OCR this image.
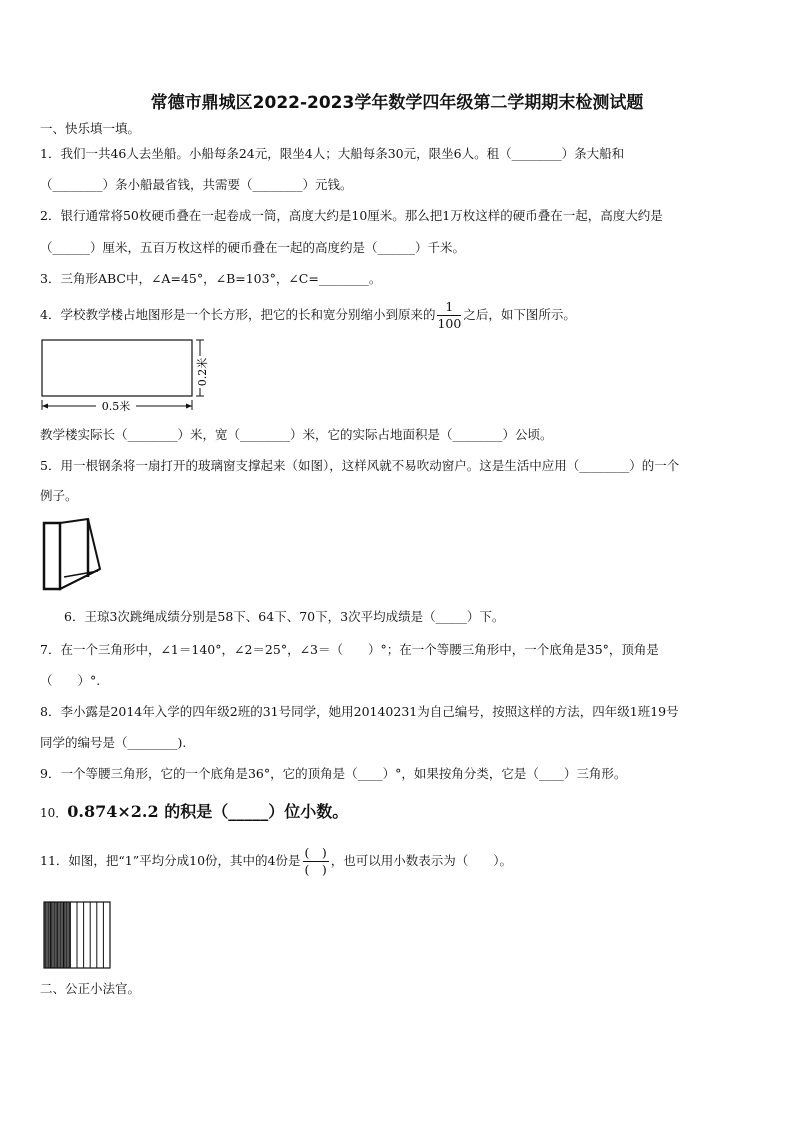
常德市鼎城区2022-2023学年数学四年级第二学期期末检测试题
一、快乐填一填。
1．我们一共46人去坐船。小船每条24元，限坐4人；大船每条30元，限坐6人。租（________）条大船和
（________）条小船最省钱，共需要（________）元钱。
2．银行通常将50枚硬币叠在一起卷成一筒，高度大约是10厘米。那么把1万枚这样的硬币叠在一起，高度大约是
（______）厘米，五百万枚这样的硬币叠在一起的高度约是（______）千米。
3．三角形ABC中，∠A=45°，∠B=103°，∠C=________。
4．学校教学楼占地图形是一个长方形，把它的长和宽分别缩小到原来的 $\frac{1}{100}$ 之后，如下图所示。
0.5米
0.2米
教学楼实际长（________）米，宽（________）米，它的实际占地面积是（________）公顷。
5．用一根钢条将一扇打开的玻璃窗支撑起来（如图），这样风就不易吹动窗户。这是生活中应用（________）的一个
例子。
6．王琼3次跳绳成绩分别是58下、64下、70下，3次平均成绩是（_____）下。
7．在一个三角形中，∠1＝140°，∠2＝25°，∠3＝（　　）°；在一个等腰三角形中，一个底角是35°，顶角是
（　　）°.
8．李小露是2014年入学的四年级2班的31号同学，她用20140231为自己编号，按照这样的方法，四年级1班19号
同学的编号是（________).
9．一个等腰三角形，它的一个底角是36°，它的顶角是（____）°，如果按角分类，它是（____）三角形。
10．0.874×2.2 的积是（_____）位小数。
11．如图，把“1”平均分成10份，其中的4份是 $\frac{( )}{( )}$ ，也可以用小数表示为（　　）。
二、公正小法官。
